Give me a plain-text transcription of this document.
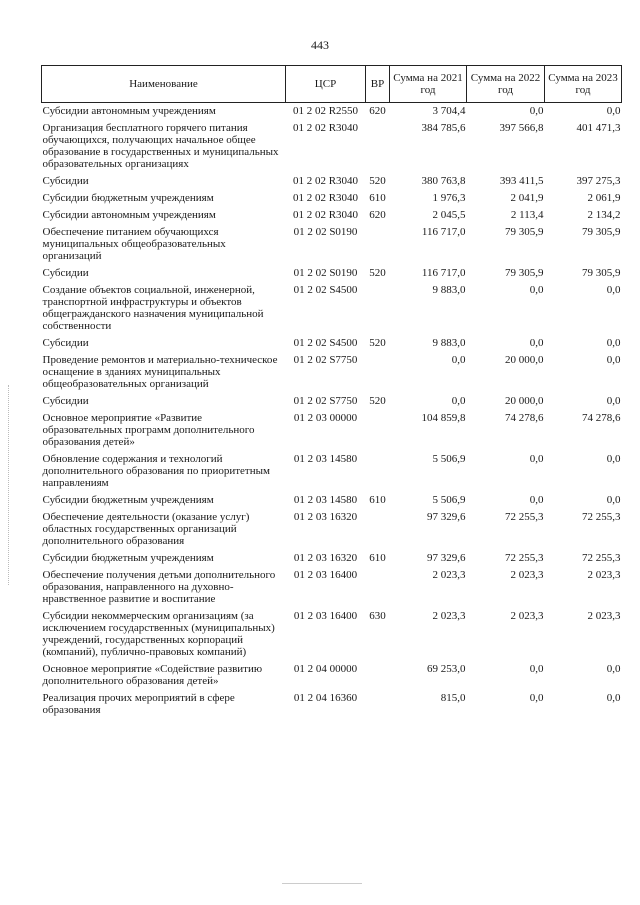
443
Наименование	ЦСР	ВР	Сумма на 2021 год	Сумма на 2022 год	Сумма на 2023 год
Субсидии автономным учреждениям	01 2 02 R2550	620	3 704,4	0,0	0,0
Организация бесплатного горячего питания обучающихся, получающих начальное общее образование в государственных и муниципальных образовательных организациях	01 2 02 R3040		384 785,6	397 566,8	401 471,3
Субсидии	01 2 02 R3040	520	380 763,8	393 411,5	397 275,3
Субсидии бюджетным учреждениям	01 2 02 R3040	610	1 976,3	2 041,9	2 061,9
Субсидии автономным учреждениям	01 2 02 R3040	620	2 045,5	2 113,4	2 134,2
Обеспечение питанием обучающихся муниципальных общеобразовательных организаций	01 2 02 S0190		116 717,0	79 305,9	79 305,9
Субсидии	01 2 02 S0190	520	116 717,0	79 305,9	79 305,9
Создание объектов социальной, инженерной, транспортной инфраструктуры и объектов общегражданского назначения муниципальной собственности	01 2 02 S4500		9 883,0	0,0	0,0
Субсидии	01 2 02 S4500	520	9 883,0	0,0	0,0
Проведение ремонтов и материально-техническое оснащение в зданиях муниципальных общеобразовательных организаций	01 2 02 S7750		0,0	20 000,0	0,0
Субсидии	01 2 02 S7750	520	0,0	20 000,0	0,0
Основное мероприятие «Развитие образовательных программ дополнительного образования детей»	01 2 03 00000		104 859,8	74 278,6	74 278,6
Обновление содержания и технологий дополнительного образования по приоритетным направлениям	01 2 03 14580		5 506,9	0,0	0,0
Субсидии бюджетным учреждениям	01 2 03 14580	610	5 506,9	0,0	0,0
Обеспечение деятельности (оказание услуг) областных государственных организаций дополнительного образования	01 2 03 16320		97 329,6	72 255,3	72 255,3
Субсидии бюджетным учреждениям	01 2 03 16320	610	97 329,6	72 255,3	72 255,3
Обеспечение получения детьми дополнительного образования, направленного на духовно-нравственное развитие и воспитание	01 2 03 16400		2 023,3	2 023,3	2 023,3
Субсидии некоммерческим организациям (за исключением государственных (муниципальных) учреждений, государственных корпораций (компаний), публично-правовых компаний)	01 2 03 16400	630	2 023,3	2 023,3	2 023,3
Основное мероприятие «Содействие развитию дополнительного образования детей»	01 2 04 00000		69 253,0	0,0	0,0
Реализация прочих мероприятий в сфере образования	01 2 04 16360		815,0	0,0	0,0
